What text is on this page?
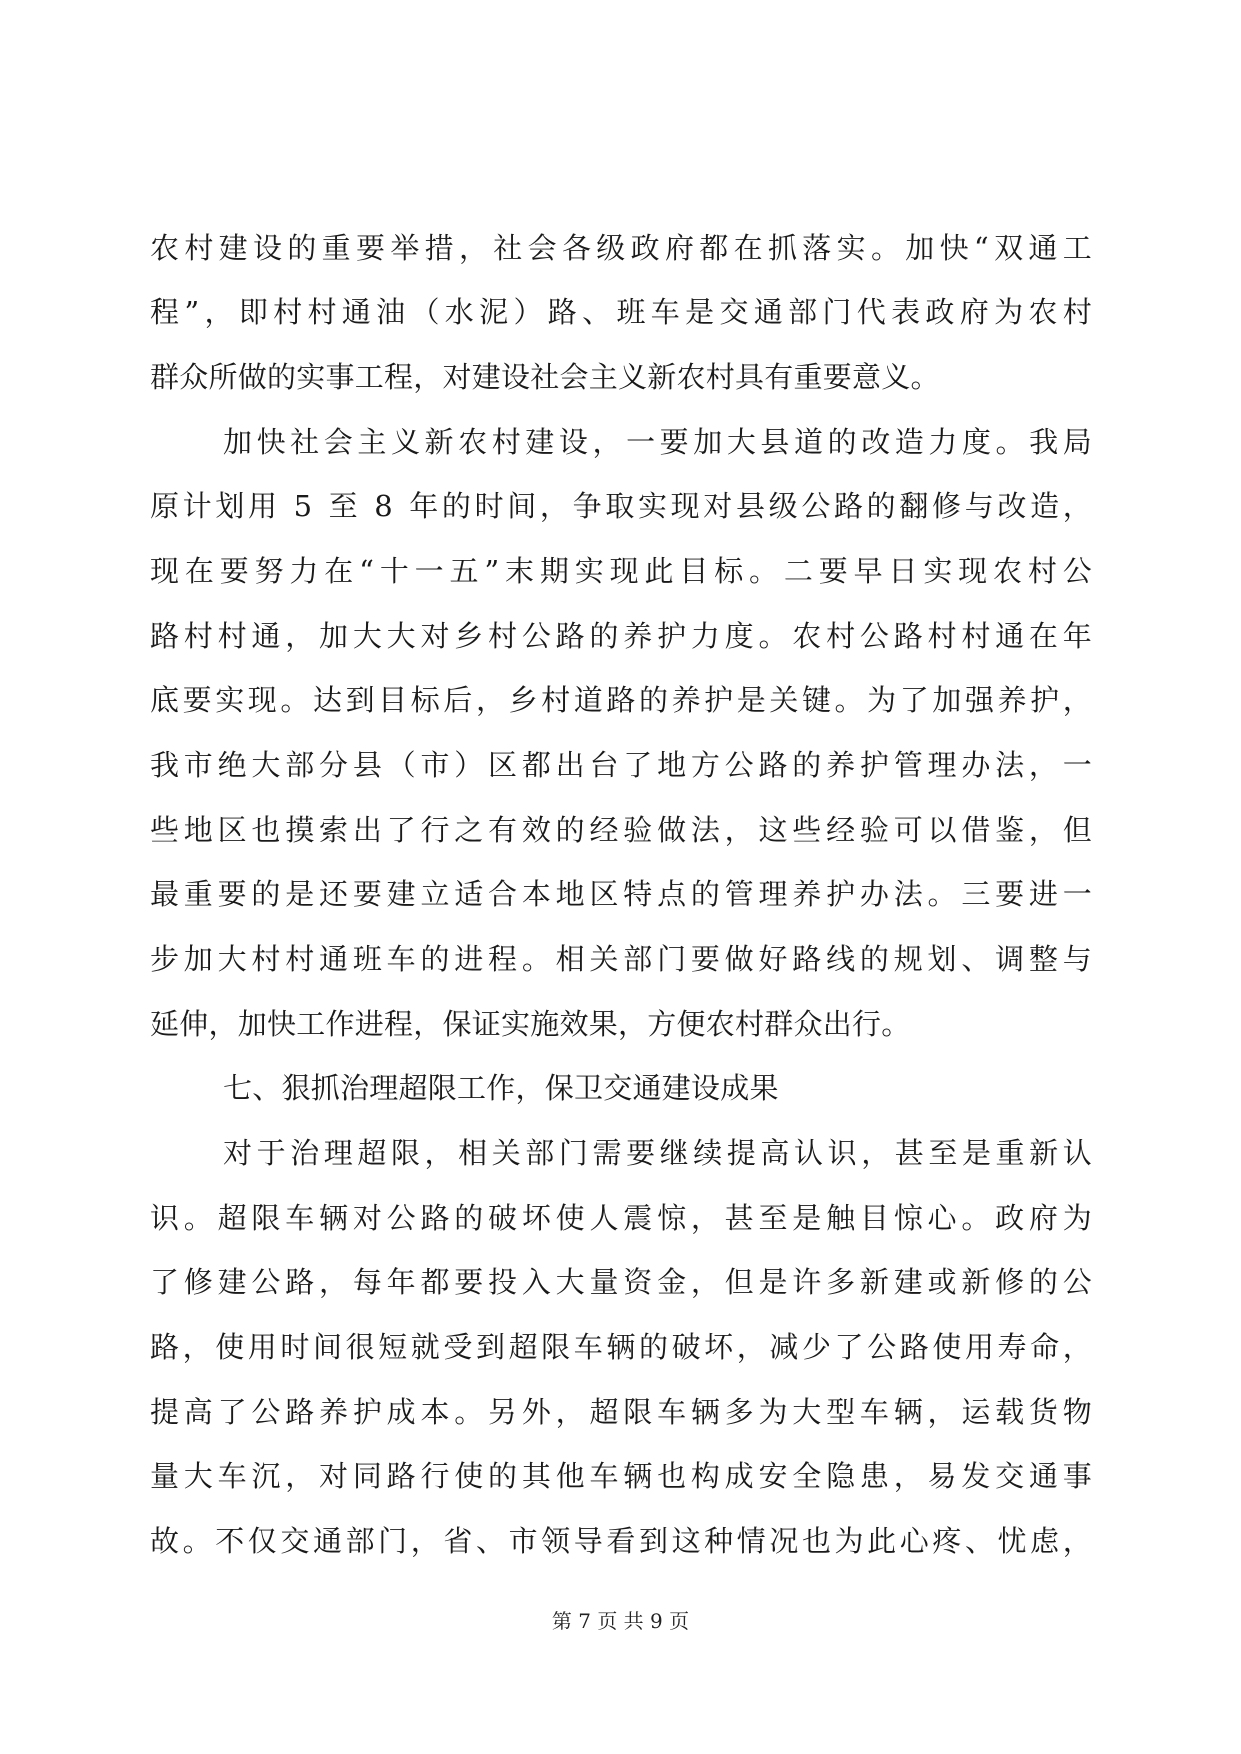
农村建设的重要举措，社会各级政府都在抓落实。加快“双通工
程”，即村村通油（水泥）路、班车是交通部门代表政府为农村
群众所做的实事工程，对建设社会主义新农村具有重要意义。
加快社会主义新农村建设，一要加大县道的改造力度。我局
原计划用 5 至 8 年的时间，争取实现对县级公路的翻修与改造，
现在要努力在“十一五”末期实现此目标。二要早日实现农村公
路村村通，加大大对乡村公路的养护力度。农村公路村村通在年
底要实现。达到目标后，乡村道路的养护是关键。为了加强养护，
我市绝大部分县（市）区都出台了地方公路的养护管理办法，一
些地区也摸索出了行之有效的经验做法，这些经验可以借鉴，但
最重要的是还要建立适合本地区特点的管理养护办法。三要进一
步加大村村通班车的进程。相关部门要做好路线的规划、调整与
延伸，加快工作进程，保证实施效果，方便农村群众出行。
七、狠抓治理超限工作，保卫交通建设成果
对于治理超限，相关部门需要继续提高认识，甚至是重新认
识。超限车辆对公路的破坏使人震惊，甚至是触目惊心。政府为
了修建公路，每年都要投入大量资金，但是许多新建或新修的公
路，使用时间很短就受到超限车辆的破坏，减少了公路使用寿命，
提高了公路养护成本。另外，超限车辆多为大型车辆，运载货物
量大车沉，对同路行使的其他车辆也构成安全隐患，易发交通事
故。不仅交通部门，省、市领导看到这种情况也为此心疼、忧虑，
第 7 页 共 9 页
